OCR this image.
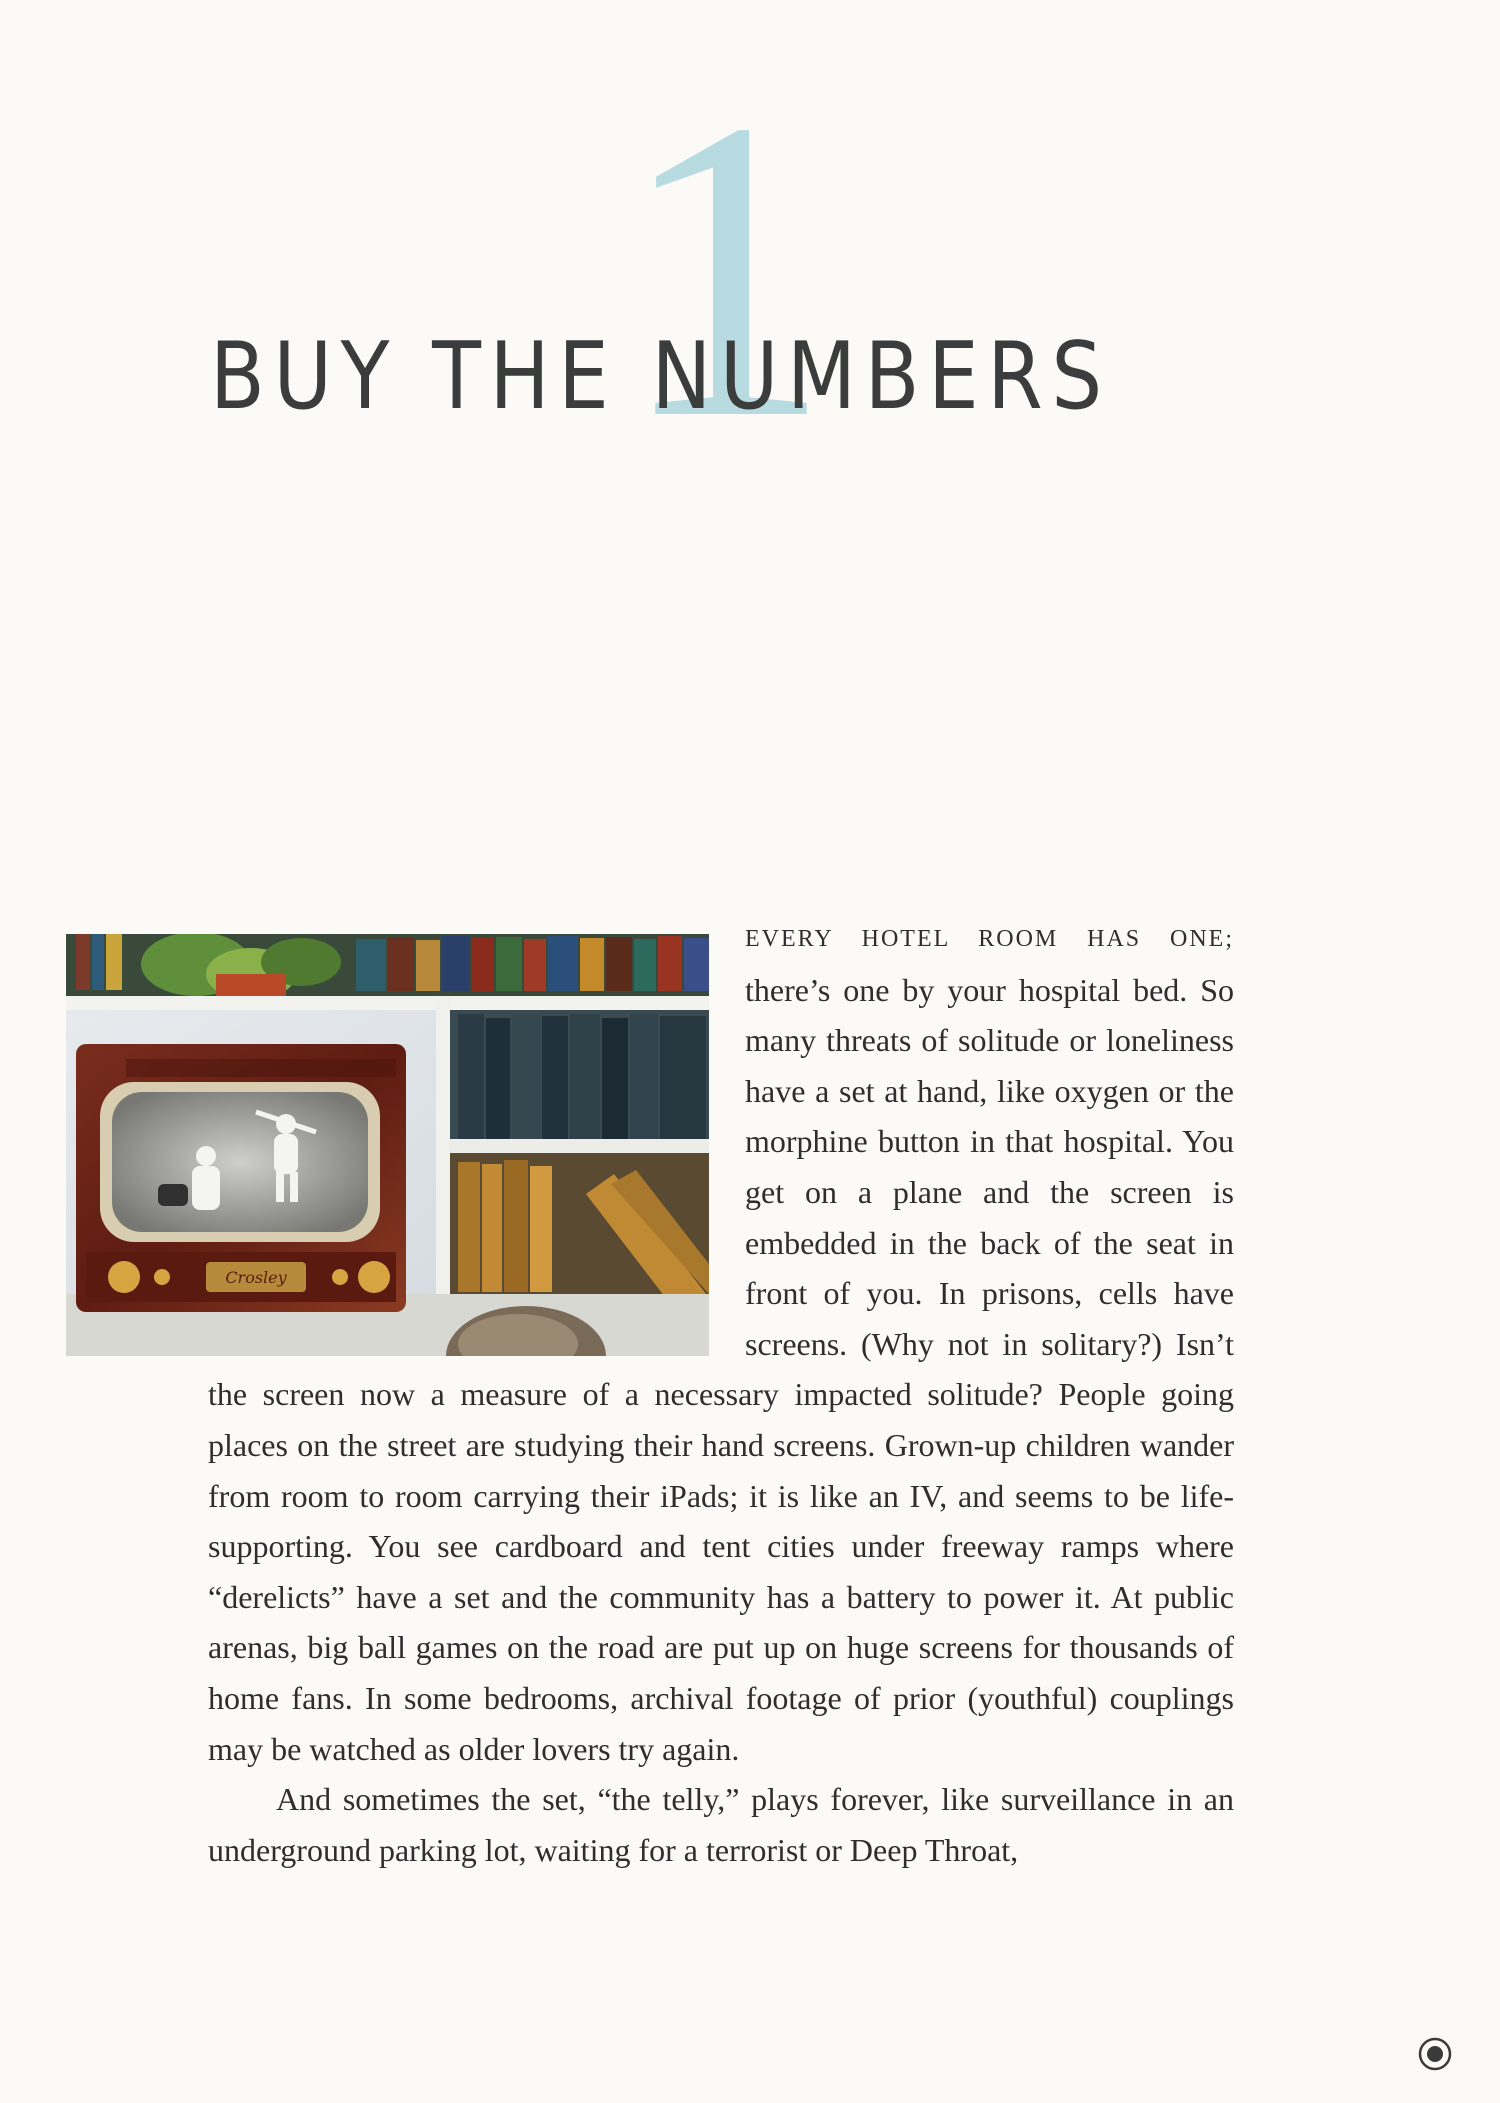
1
BUY THE NUMBERS

EVERY HOTEL ROOM HAS ONE;
Crosley
there’s one by your hospital bed. So many threats of solitude or loneliness have a set at hand, like oxygen or the morphine button in that hospital. You get on a plane and the screen is embedded in the back of the seat in front of you. In prisons, cells have screens. (Why not in solitary?) Isn’t the screen now a measure of a necessary impacted solitude? People going places on the street are studying their hand screens. Grown-up children wander from room to room carrying their iPads; it is like an IV, and seems to be life-supporting. You see cardboard and tent cities under freeway ramps where “derelicts” have a set and the community has a battery to power it. At public arenas, big ball games on the road are put up on huge screens for thousands of home fans. In some bedrooms, archival footage of prior (youthful) couplings may be watched as older lovers try again.

And sometimes the set, “the telly,” plays forever, like surveillance in an underground parking lot, waiting for a terrorist or Deep Throat,
